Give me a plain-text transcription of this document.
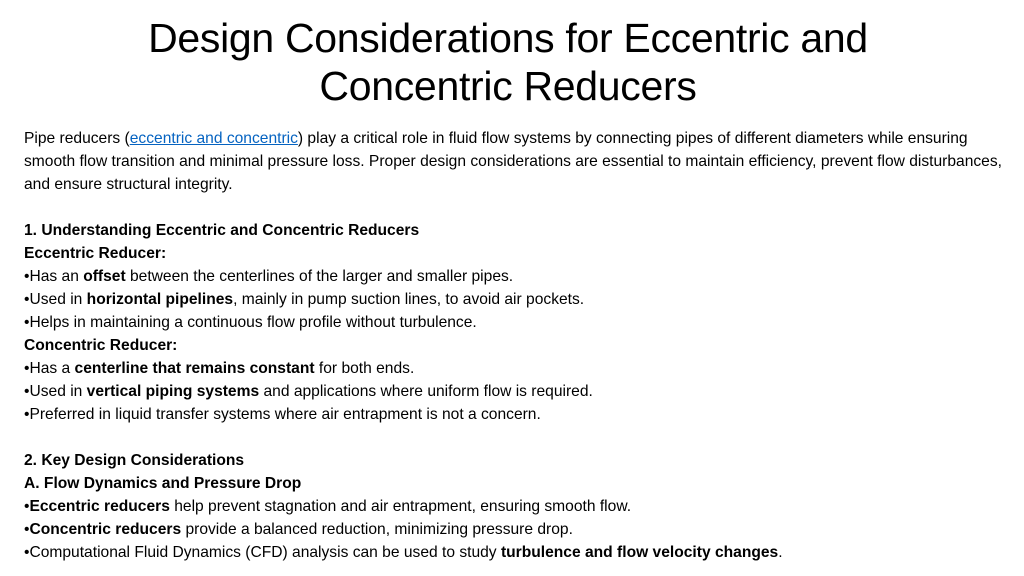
Design Considerations for Eccentric and
Concentric Reducers

Pipe reducers (eccentric and concentric) play a critical role in fluid flow systems by connecting pipes of different diameters while ensuring smooth flow transition and minimal pressure loss. Proper design considerations are essential to maintain efficiency, prevent flow disturbances, and ensure structural integrity.

1. Understanding Eccentric and Concentric Reducers

Eccentric Reducer:

•Has an offset between the centerlines of the larger and smaller pipes.

•Used in horizontal pipelines, mainly in pump suction lines, to avoid air pockets.

•Helps in maintaining a continuous flow profile without turbulence.

Concentric Reducer:

•Has a centerline that remains constant for both ends.

•Used in vertical piping systems and applications where uniform flow is required.

•Preferred in liquid transfer systems where air entrapment is not a concern.

2. Key Design Considerations

A. Flow Dynamics and Pressure Drop

•Eccentric reducers help prevent stagnation and air entrapment, ensuring smooth flow.

•Concentric reducers provide a balanced reduction, minimizing pressure drop.

•Computational Fluid Dynamics (CFD) analysis can be used to study turbulence and flow velocity changes.
